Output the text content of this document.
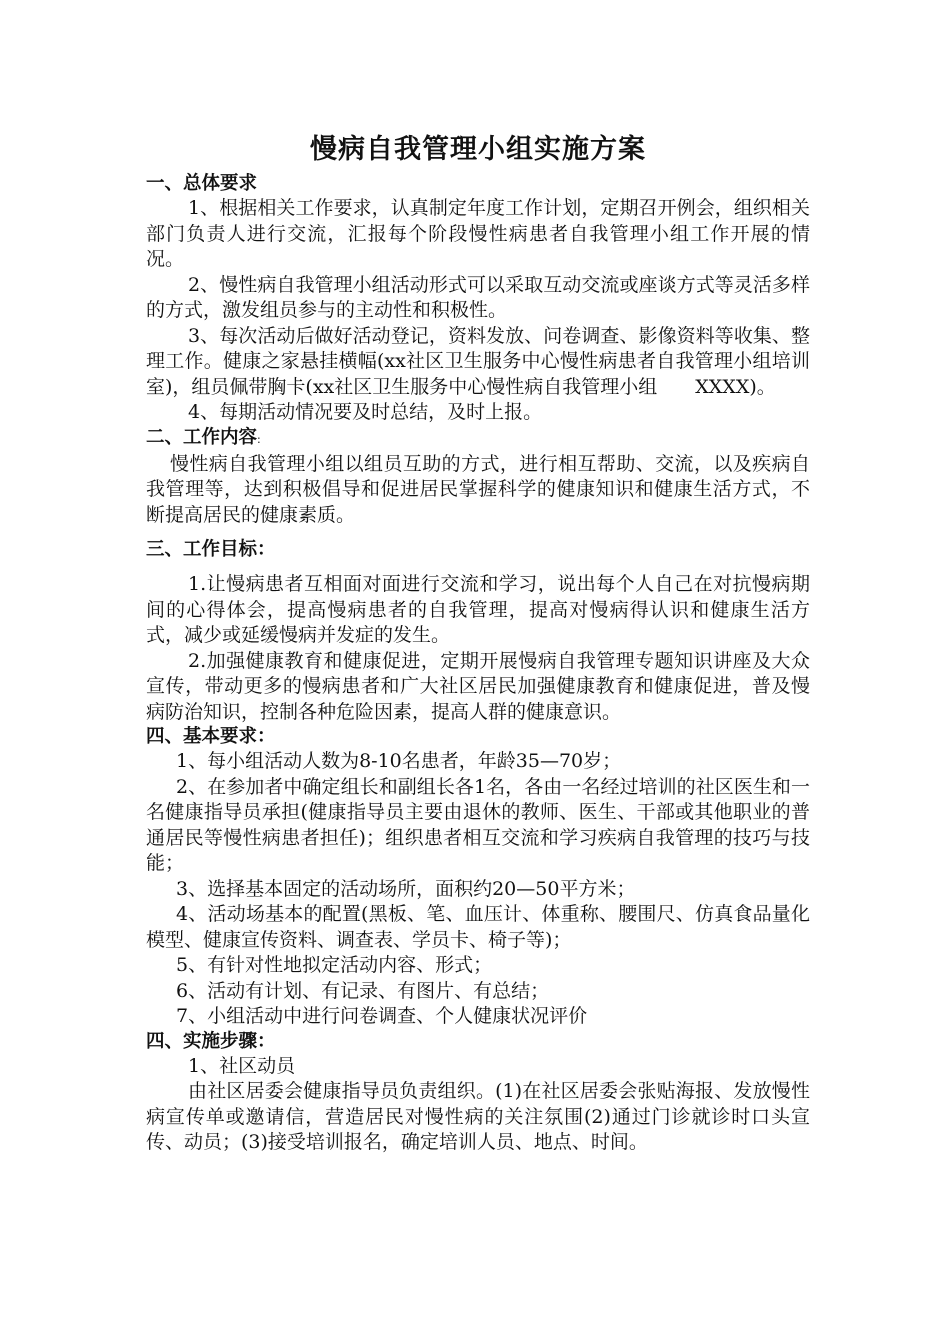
慢病自我管理小组实施方案
一、总体要求

1、根据相关工作要求，认真制定年度工作计划，定期召开例会，组织相关部门负责人进行交流，汇报每个阶段慢性病患者自我管理小组工作开展的情况。

2、慢性病自我管理小组活动形式可以采取互动交流或座谈方式等灵活多样的方式，激发组员参与的主动性和积极性。

3、每次活动后做好活动登记，资料发放、问卷调查、影像资料等收集、整理工作。健康之家悬挂横幅(xx社区卫生服务中心慢性病患者自我管理小组培训室)，组员佩带胸卡(xx社区卫生服务中心慢性病自我管理小组　　XXXX)。

4、每期活动情况要及时总结，及时上报。

二、工作内容:

慢性病自我管理小组以组员互助的方式，进行相互帮助、交流，以及疾病自我管理等，达到积极倡导和促进居民掌握科学的健康知识和健康生活方式，不断提高居民的健康素质。

三、工作目标：

1.让慢病患者互相面对面进行交流和学习，说出每个人自己在对抗慢病期间的心得体会，提高慢病患者的自我管理，提高对慢病得认识和健康生活方式，减少或延缓慢病并发症的发生。

2.加强健康教育和健康促进，定期开展慢病自我管理专题知识讲座及大众宣传，带动更多的慢病患者和广大社区居民加强健康教育和健康促进，普及慢病防治知识，控制各种危险因素，提高人群的健康意识。

四、基本要求：

1、每小组活动人数为8-10名患者，年龄35—70岁；

2、在参加者中确定组长和副组长各1名，各由一名经过培训的社区医生和一名健康指导员承担(健康指导员主要由退休的教师、医生、干部或其他职业的普通居民等慢性病患者担任)；组织患者相互交流和学习疾病自我管理的技巧与技能；

3、选择基本固定的活动场所，面积约20—50平方米；

4、活动场基本的配置(黑板、笔、血压计、体重称、腰围尺、仿真食品量化模型、健康宣传资料、调查表、学员卡、椅子等)；

5、有针对性地拟定活动内容、形式；

6、活动有计划、有记录、有图片、有总结；

7、小组活动中进行问卷调查、个人健康状况评价

四、实施步骤：

1、社区动员

由社区居委会健康指导员负责组织。(1)在社区居委会张贴海报、发放慢性病宣传单或邀请信，营造居民对慢性病的关注氛围(2)通过门诊就诊时口头宣传、动员；(3)接受培训报名，确定培训人员、地点、时间。
